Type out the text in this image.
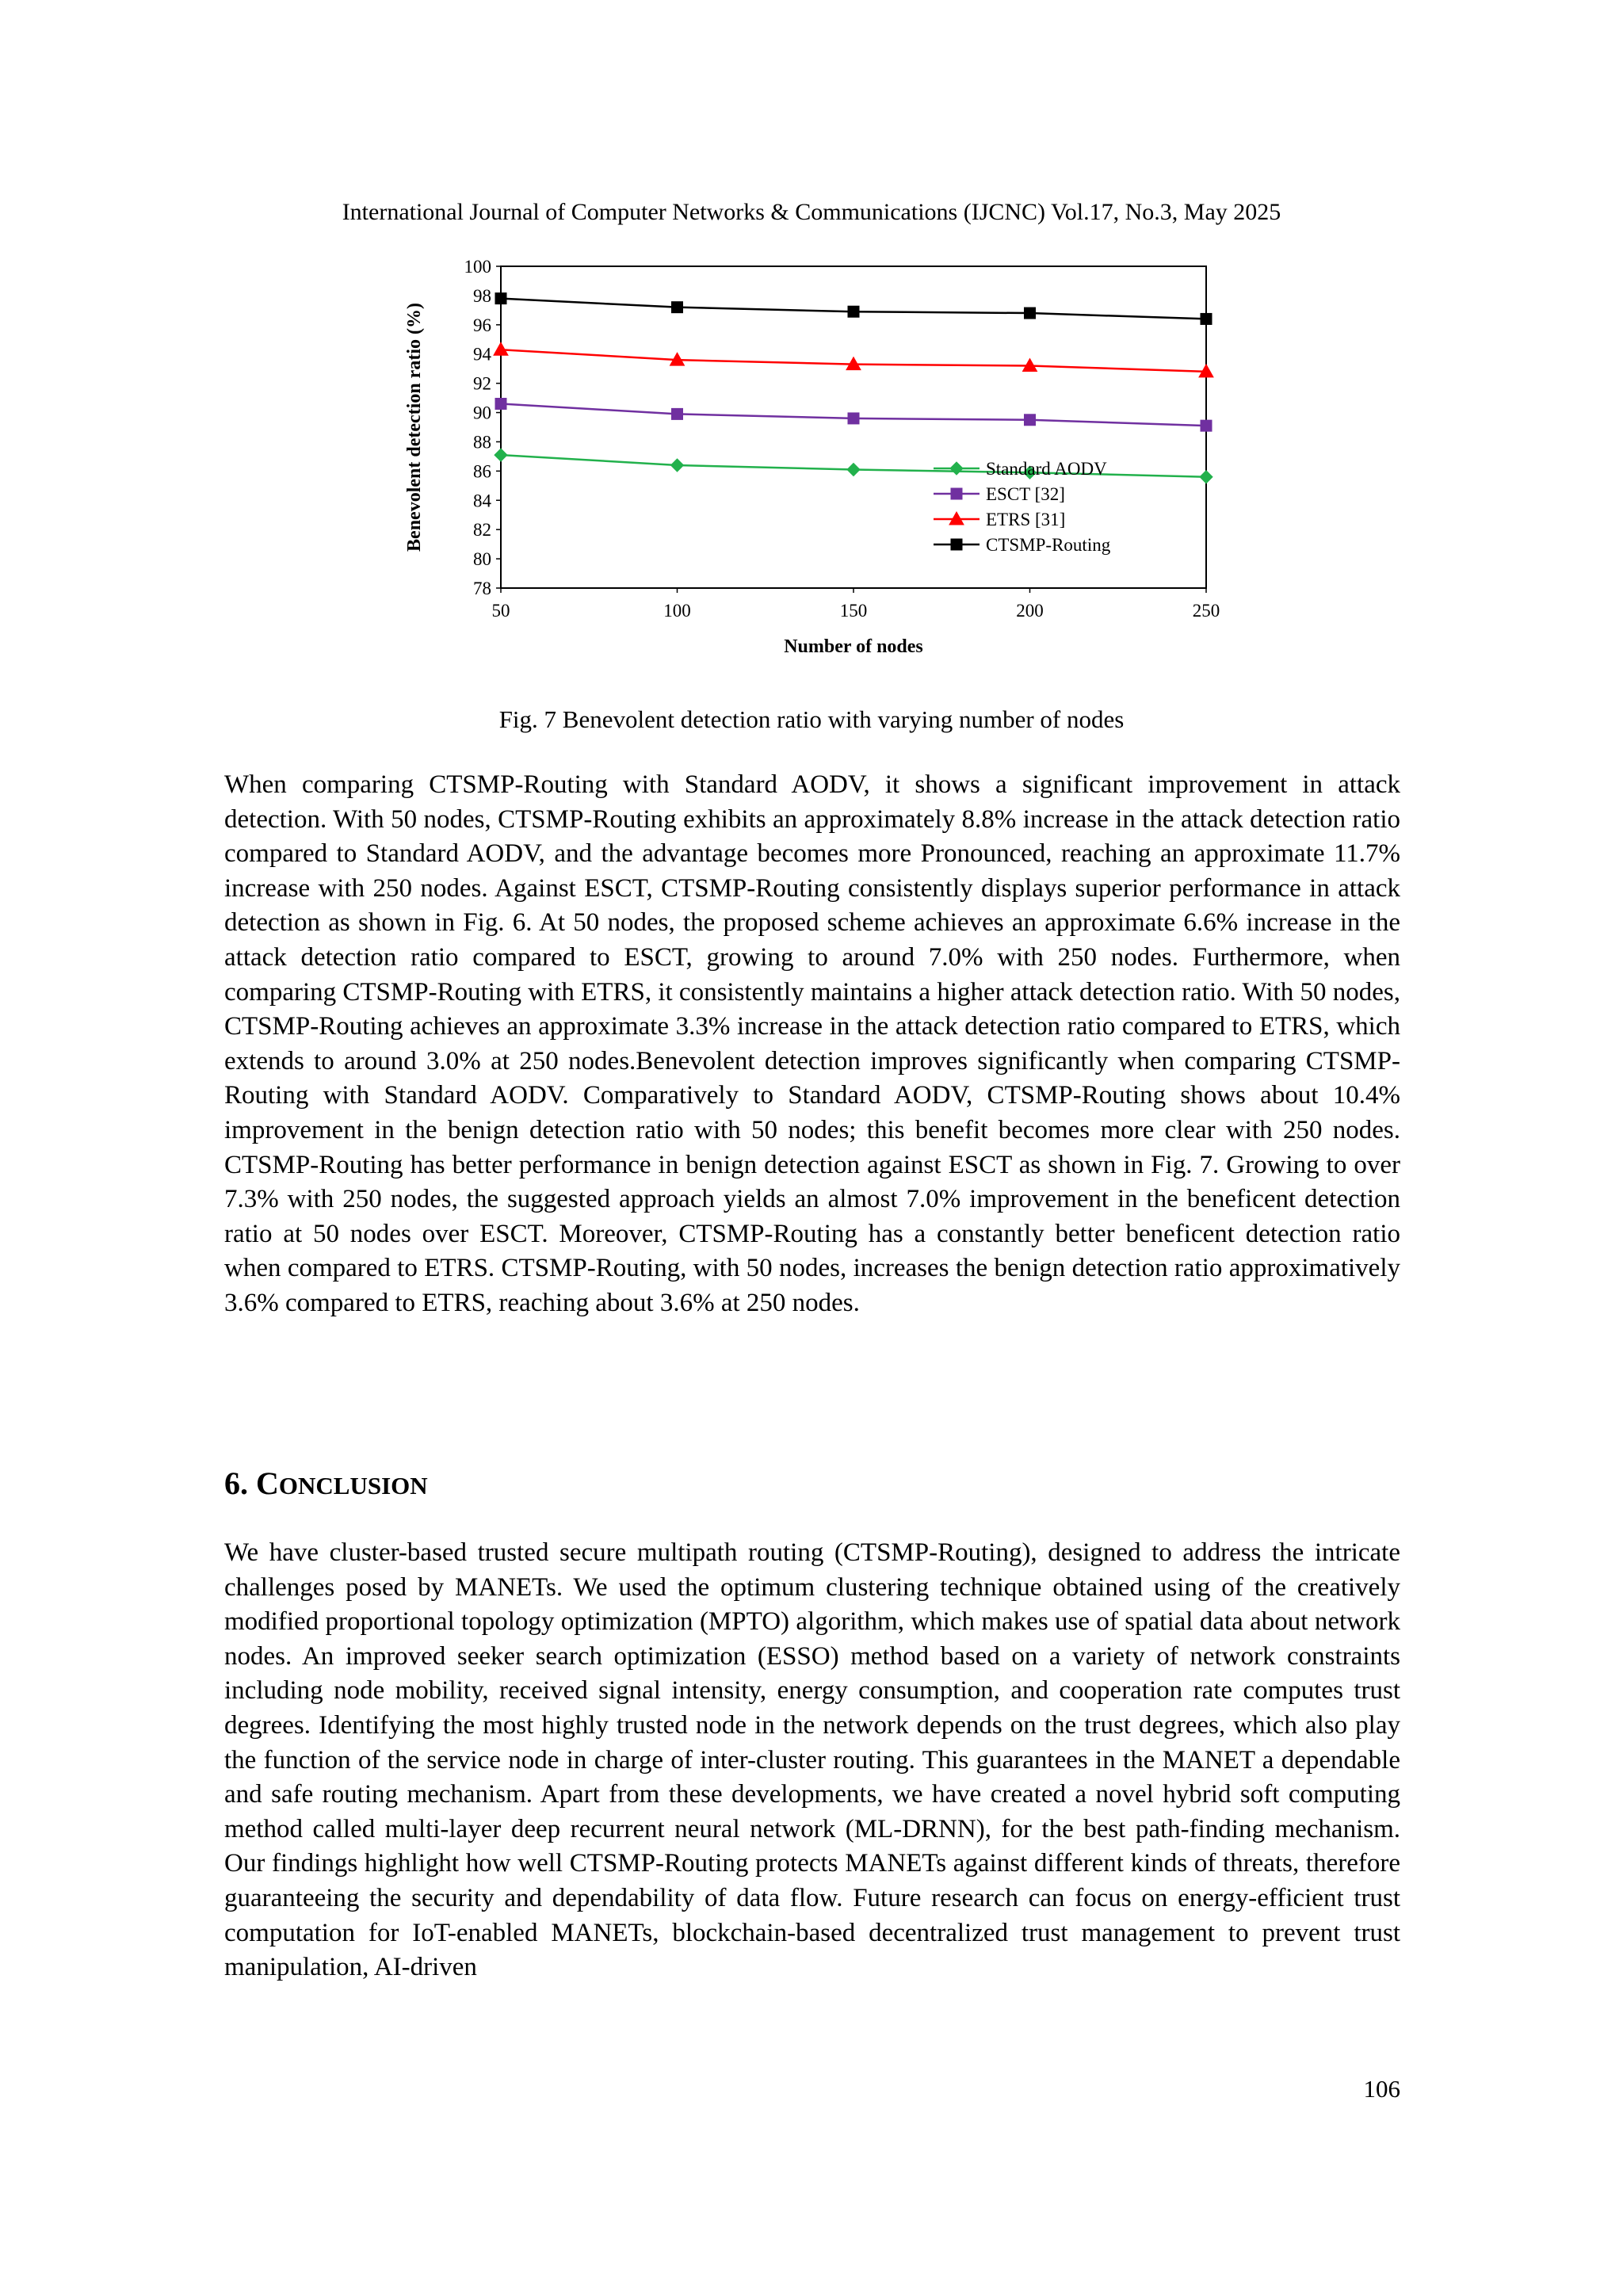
International Journal of Computer Networks & Communications (IJCNC) Vol.17, No.3, May 2025
78
80
82
84
86
88
90
92
94
96
98
100
50	100	150	200	250
Standard AODV
ESCT [32]
ETRS [31]
CTSMP-Routing
Benevolent detection ratio (%)
Number of nodes
Fig. 7 Benevolent detection ratio with varying number of nodes

When comparing CTSMP-Routing with Standard AODV, it shows a significant improvement in attack detection. With 50 nodes, CTSMP-Routing exhibits an approximately 8.8% increase in the attack detection ratio compared to Standard AODV, and the advantage becomes more Pronounced, reaching an approximate 11.7% increase with 250 nodes. Against ESCT, CTSMP-Routing consistently displays superior performance in attack detection as shown in Fig. 6. At 50 nodes, the proposed scheme achieves an approximate 6.6% increase in the attack detection ratio compared to ESCT, growing to around 7.0% with 250 nodes. Furthermore, when comparing CTSMP-Routing with ETRS, it consistently maintains a higher attack detection ratio. With 50 nodes, CTSMP-Routing achieves an approximate 3.3% increase in the attack detection ratio compared to ETRS, which extends to around 3.0% at 250 nodes.Benevolent detection improves significantly when comparing CTSMP-Routing with Standard AODV. Comparatively to Standard AODV, CTSMP-Routing shows about 10.4% improvement in the benign detection ratio with 50 nodes; this benefit becomes more clear with 250 nodes. CTSMP-Routing has better performance in benign detection against ESCT as shown in Fig. 7. Growing to over 7.3% with 250 nodes, the suggested approach yields an almost 7.0% improvement in the beneficent detection ratio at 50 nodes over ESCT. Moreover, CTSMP-Routing has a constantly better beneficent detection ratio when compared to ETRS. CTSMP-Routing, with 50 nodes, increases the benign detection ratio approximatively 3.6% compared to ETRS, reaching about 3.6% at 250 nodes.

6. CONCLUSION

We have cluster-based trusted secure multipath routing (CTSMP-Routing), designed to address the intricate challenges posed by MANETs. We used the optimum clustering technique obtained using of the creatively modified proportional topology optimization (MPTO) algorithm, which makes use of spatial data about network nodes. An improved seeker search optimization (ESSO) method based on a variety of network constraints including node mobility, received signal intensity, energy consumption, and cooperation rate computes trust degrees. Identifying the most highly trusted node in the network depends on the trust degrees, which also play the function of the service node in charge of inter-cluster routing. This guarantees in the MANET a dependable and safe routing mechanism. Apart from these developments, we have created a novel hybrid soft computing method called multi-layer deep recurrent neural network (ML-DRNN), for the best path-finding mechanism. Our findings highlight how well CTSMP-Routing protects MANETs against different kinds of threats, therefore guaranteeing the security and dependability of data flow. Future research can focus on energy-efficient trust computation for IoT-enabled MANETs, blockchain-based decentralized trust management to prevent trust manipulation, AI-driven

106
